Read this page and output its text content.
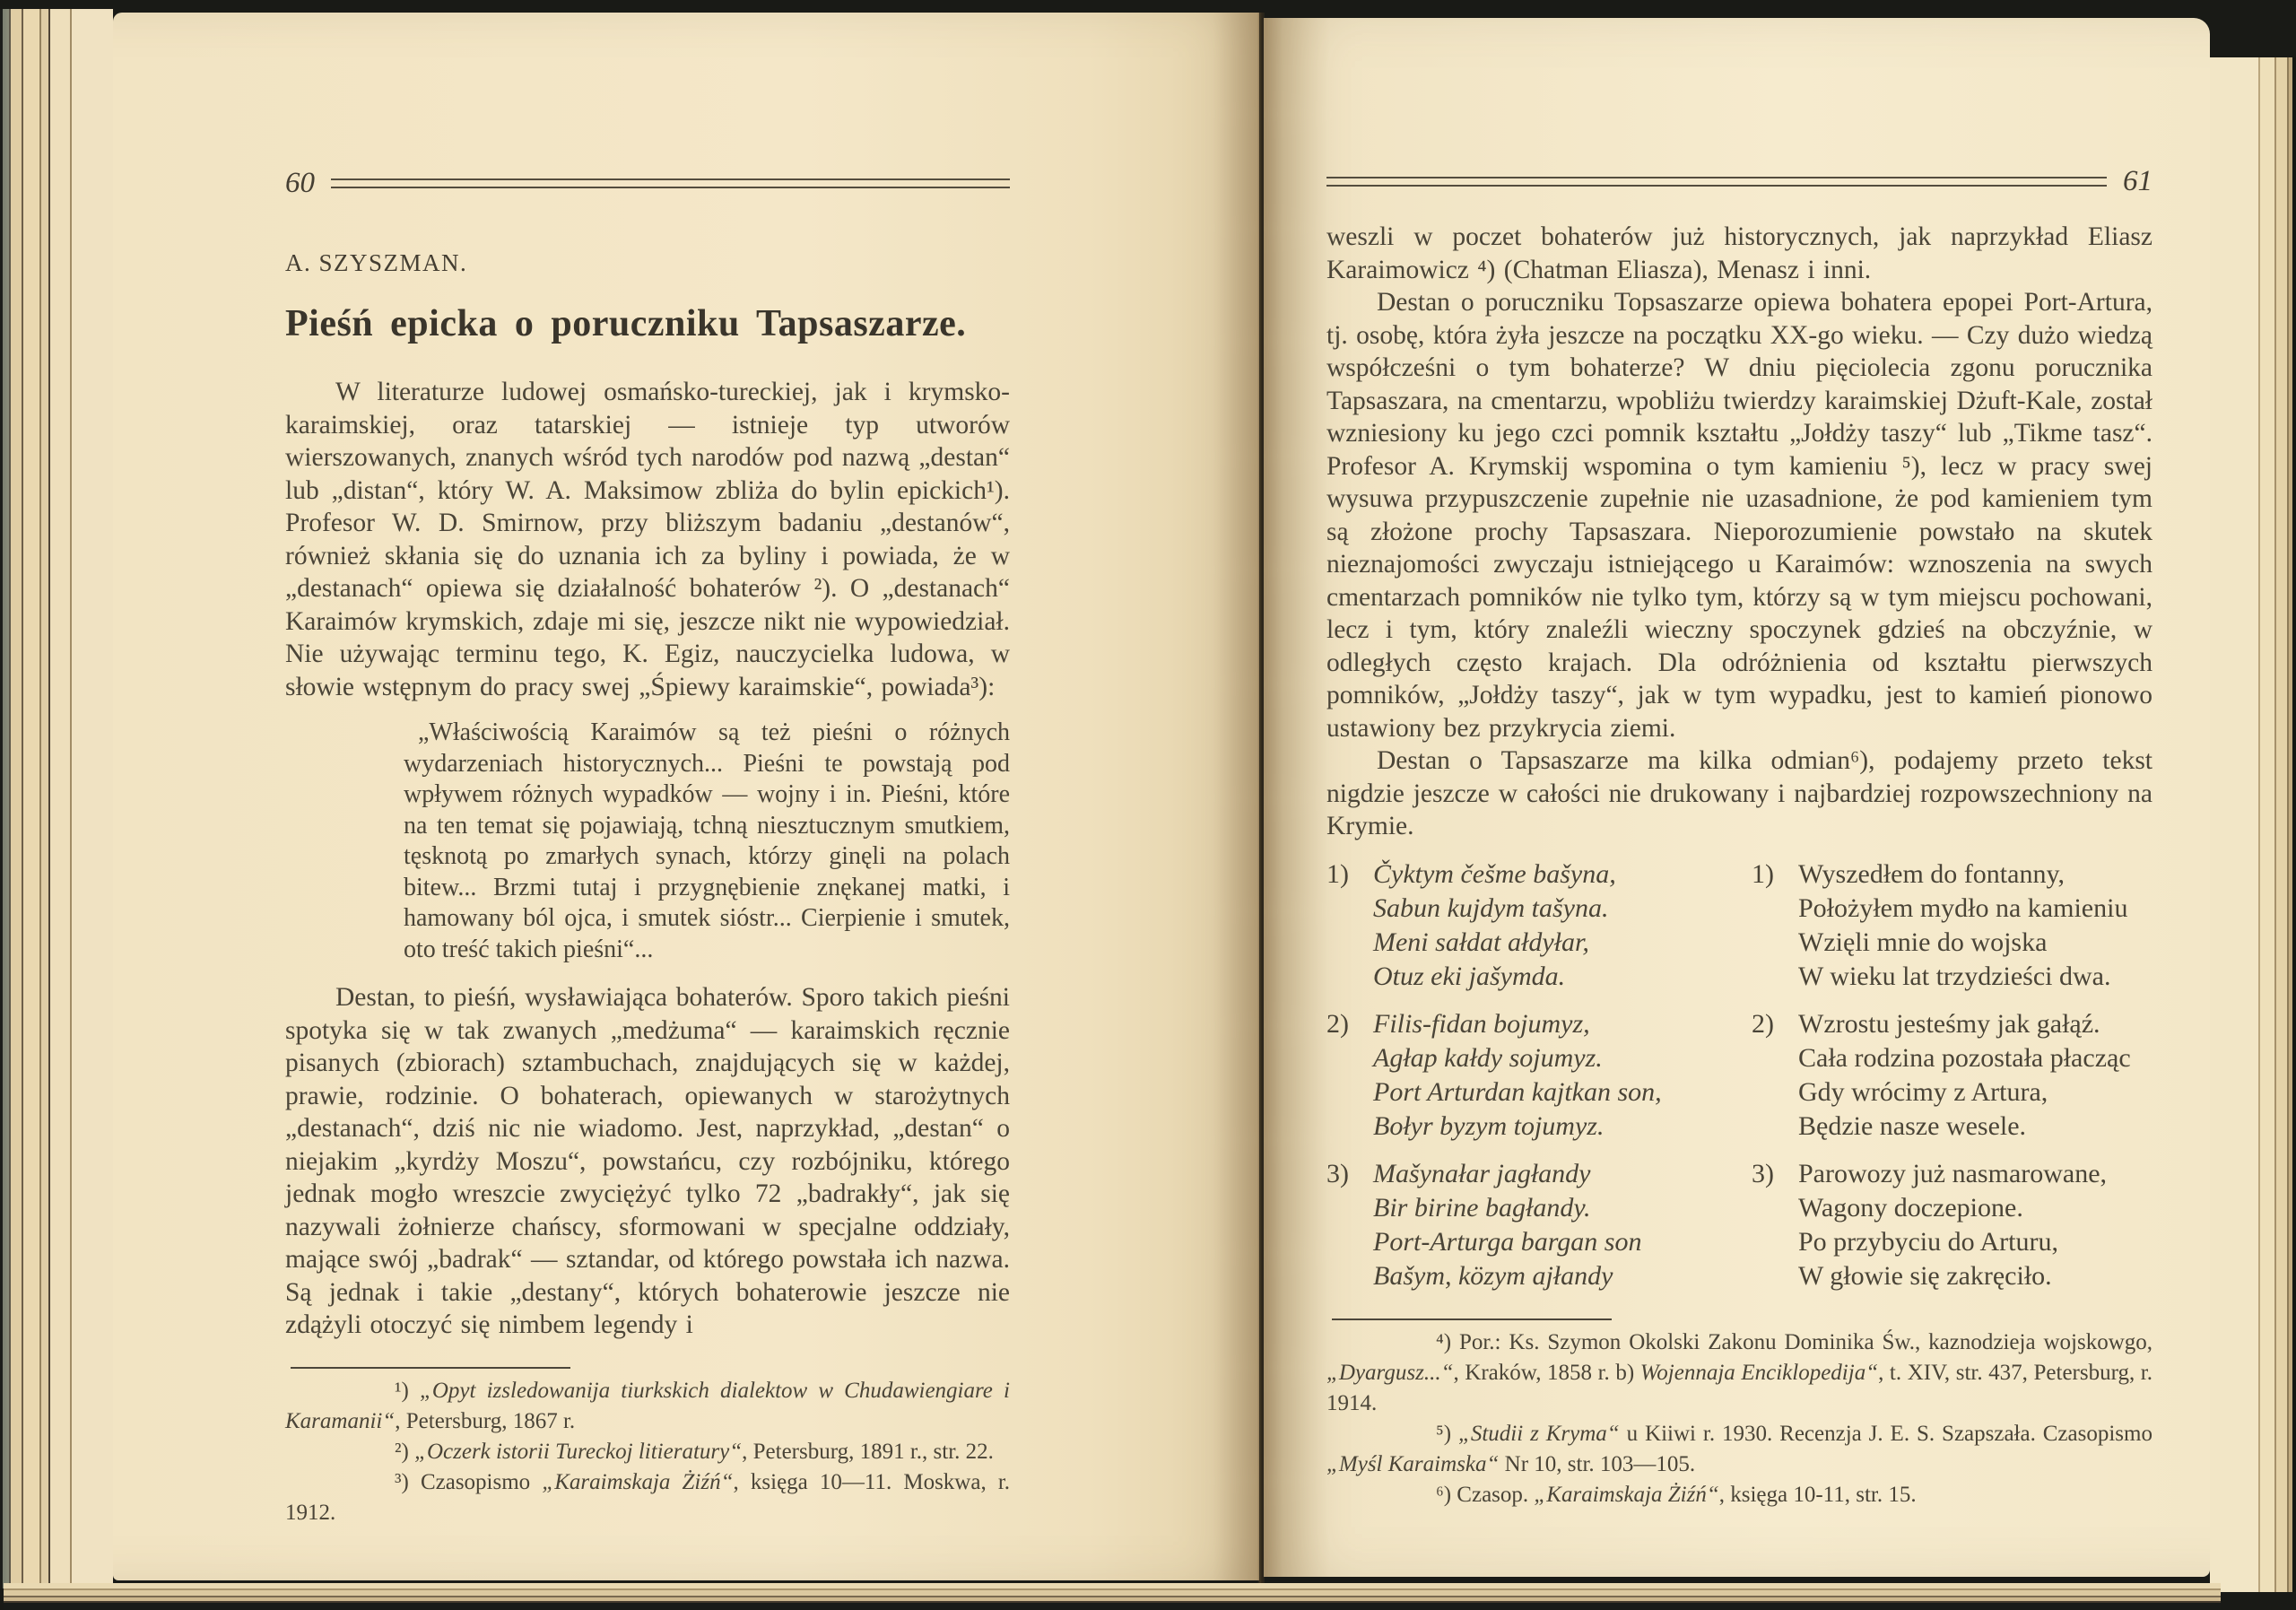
60
A. SZYSZMAN.
Pieśń epicka o poruczniku Tapsaszarze.

W literaturze ludowej osmańsko-tureckiej, jak i krymsko-karaimskiej, oraz tatarskiej — istnieje typ utworów wierszowanych, znanych wśród tych narodów pod nazwą „destan“ lub „distan“, który W. A. Maksimow zbliża do bylin epickich¹). Profesor W. D. Smirnow, przy bliższym badaniu „destanów“, również skłania się do uznania ich za byliny i powiada, że w „destanach“ opiewa się działalność bohaterów ²). O „destanach“ Karaimów krymskich, zdaje mi się, jeszcze nikt nie wypowiedział. Nie używając terminu tego, K. Egiz, nauczycielka ludowa, w słowie wstępnym do pracy swej „Śpiewy karaimskie“, powiada³):

„Właściwością Karaimów są też pieśni o różnych wydarzeniach historycznych... Pieśni te powstają pod wpływem różnych wypadków — wojny i in. Pieśni, które na ten temat się pojawiają, tchną niesztucznym smutkiem, tęsknotą po zmarłych synach, którzy ginęli na polach bitew... Brzmi tutaj i przygnębienie znękanej matki, i hamowany ból ojca, i smutek sióstr... Cierpienie i smutek, oto treść takich pieśni“...

Destan, to pieśń, wysławiająca bohaterów. Sporo takich pieśni spotyka się w tak zwanych „medżuma“ — karaimskich ręcznie pisanych (zbiorach) sztambuchach, znajdujących się w każdej, prawie, rodzinie. O bohaterach, opiewanych w starożytnych „destanach“, dziś nic nie wiadomo. Jest, naprzykład, „destan“ o niejakim „kyrdży Moszu“, powstańcu, czy rozbójniku, którego jednak mogło wreszcie zwyciężyć tylko 72 „badrakły“, jak się nazywali żołnierze chańscy, sformowani w specjalne oddziały, mające swój „badrak“ — sztandar, od którego powstała ich nazwa. Są jednak i takie „destany“, których bohaterowie jeszcze nie zdążyli otoczyć się nimbem legendy i

¹) „Opyt izsledowanija tiurkskich dialektow w Chudawiengiare i Karamanii“, Petersburg, 1867 r.

²) „Oczerk istorii Tureckoj litieratury“, Petersburg, 1891 r., str. 22.

³) Czasopismo „Karaimskaja Żiźń“, księga 10—11. Moskwa, r. 1912.

61

weszli w poczet bohaterów już historycznych, jak naprzykład Eliasz Karaimowicz ⁴) (Chatman Eliasza), Menasz i inni.

Destan o poruczniku Topsaszarze opiewa bohatera epopei Port-Artura, tj. osobę, która żyła jeszcze na początku XX-go wieku. — Czy dużo wiedzą współcześni o tym bohaterze? W dniu pięciolecia zgonu porucznika Tapsaszara, na cmentarzu, wpobliżu twierdzy karaimskiej Dżuft-Kale, został wzniesiony ku jego czci pomnik kształtu „Jołdży taszy“ lub „Tikme tasz“. Profesor A. Krymskij wspomina o tym kamieniu ⁵), lecz w pracy swej wysuwa przypuszczenie zupełnie nie uzasadnione, że pod kamieniem tym są złożone prochy Tapsaszara. Nieporozumienie powstało na skutek nieznajomości zwyczaju istniejącego u Karaimów: wznoszenia na swych cmentarzach pomników nie tylko tym, którzy są w tym miejscu pochowani, lecz i tym, który znaleźli wieczny spoczynek gdzieś na obczyźnie, w odległych często krajach. Dla odróżnienia od kształtu pierwszych pomników, „Jołdży taszy“, jak w tym wypadku, jest to kamień pionowo ustawiony bez przykrycia ziemi.

Destan o Tapsaszarze ma kilka odmian⁶), podajemy przeto tekst nigdzie jeszcze w całości nie drukowany i najbardziej rozpowszechniony na Krymie.

1) Čyktym češme bašyna,
Sabun kujdym tašyna.
Meni sałdat ałdyłar,
Otuz eki jašymda.
1) Wyszedłem do fontanny,
Położyłem mydło na kamieniu
Wzięli mnie do wojska
W wieku lat trzydzieści dwa.
2) Filis-fidan bojumyz,
Agłap kałdy sojumyz.
Port Arturdan kajtkan son,
Bołyr byzym tojumyz.
2) Wzrostu jesteśmy jak gałąź.
Cała rodzina pozostała płacząc
Gdy wrócimy z Artura,
Będzie nasze wesele.
3) Mašynałar jagłandy
Bir birine bagłandy.
Port-Arturga bargan son
Bašym, közym ajłandy
3) Parowozy już nasmarowane,
Wagony doczepione.
Po przybyciu do Arturu,
W głowie się zakręciło.

⁴) Por.: Ks. Szymon Okolski Zakonu Dominika Św., kaznodzieja wojskowgo, „Dyargusz...“, Kraków, 1858 r. b) Wojennaja Enciklopedija“, t. XIV, str. 437, Petersburg, r. 1914.

⁵) „Studii z Kryma“ u Kiiwi r. 1930. Recenzja J. E. S. Szapszała. Czasopismo „Myśl Karaimska“ Nr 10, str. 103—105.

⁶) Czasop. „Karaimskaja Żiźń“, księga 10-11, str. 15.
